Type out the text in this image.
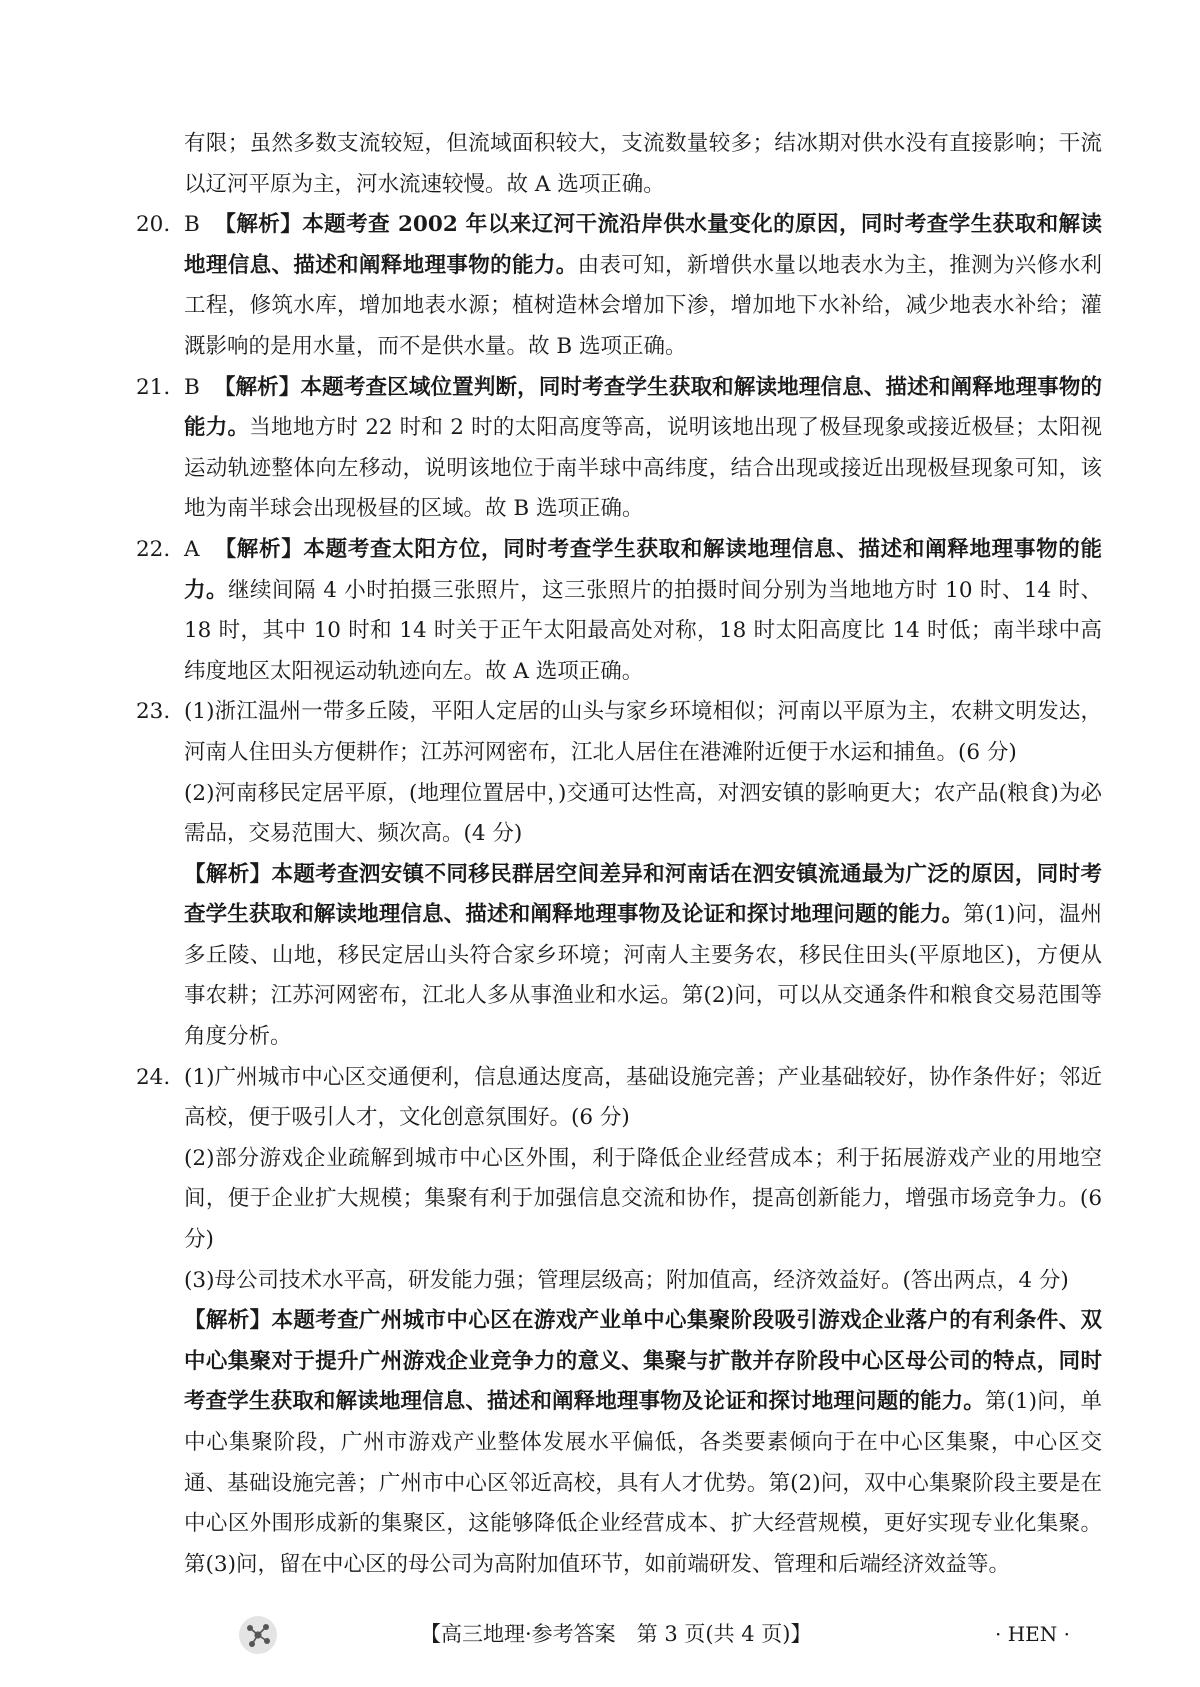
有限；虽然多数支流较短，但流域面积较大，支流数量较多；结冰期对供水没有直接影响；干流以辽河平原为主，河水流速较慢。故 A 选项正确。

20. B 【解析】本题考查 2002 年以来辽河干流沿岸供水量变化的原因，同时考查学生获取和解读地理信息、描述和阐释地理事物的能力。由表可知，新增供水量以地表水为主，推测为兴修水利工程，修筑水库，增加地表水源；植树造林会增加下渗，增加地下水补给，减少地表水补给；灌溉影响的是用水量，而不是供水量。故 B 选项正确。

21. B 【解析】本题考查区域位置判断，同时考查学生获取和解读地理信息、描述和阐释地理事物的能力。当地地方时 22 时和 2 时的太阳高度等高，说明该地出现了极昼现象或接近极昼；太阳视运动轨迹整体向左移动，说明该地位于南半球中高纬度，结合出现或接近出现极昼现象可知，该地为南半球会出现极昼的区域。故 B 选项正确。

22. A 【解析】本题考查太阳方位，同时考查学生获取和解读地理信息、描述和阐释地理事物的能力。继续间隔 4 小时拍摄三张照片，这三张照片的拍摄时间分别为当地地方时 10 时、14 时、18 时，其中 10 时和 14 时关于正午太阳最高处对称，18 时太阳高度比 14 时低；南半球中高纬度地区太阳视运动轨迹向左。故 A 选项正确。

23. (1)浙江温州一带多丘陵，平阳人定居的山头与家乡环境相似；河南以平原为主，农耕文明发达，河南人住田头方便耕作；江苏河网密布，江北人居住在港滩附近便于水运和捕鱼。(6 分)

(2)河南移民定居平原，(地理位置居中，)交通可达性高，对泗安镇的影响更大；农产品(粮食)为必需品，交易范围大、频次高。(4 分)

【解析】本题考查泗安镇不同移民群居空间差异和河南话在泗安镇流通最为广泛的原因，同时考查学生获取和解读地理信息、描述和阐释地理事物及论证和探讨地理问题的能力。第(1)问，温州多丘陵、山地，移民定居山头符合家乡环境；河南人主要务农，移民住田头(平原地区)，方便从事农耕；江苏河网密布，江北人多从事渔业和水运。第(2)问，可以从交通条件和粮食交易范围等角度分析。

24. (1)广州城市中心区交通便利，信息通达度高，基础设施完善；产业基础较好，协作条件好；邻近高校，便于吸引人才，文化创意氛围好。(6 分)

(2)部分游戏企业疏解到城市中心区外围，利于降低企业经营成本；利于拓展游戏产业的用地空间，便于企业扩大规模；集聚有利于加强信息交流和协作，提高创新能力，增强市场竞争力。(6 分)

(3)母公司技术水平高，研发能力强；管理层级高；附加值高，经济效益好。(答出两点，4 分)

【解析】本题考查广州城市中心区在游戏产业单中心集聚阶段吸引游戏企业落户的有利条件、双中心集聚对于提升广州游戏企业竞争力的意义、集聚与扩散并存阶段中心区母公司的特点，同时考查学生获取和解读地理信息、描述和阐释地理事物及论证和探讨地理问题的能力。第(1)问，单中心集聚阶段，广州市游戏产业整体发展水平偏低，各类要素倾向于在中心区集聚，中心区交通、基础设施完善；广州市中心区邻近高校，具有人才优势。第(2)问，双中心集聚阶段主要是在中心区外围形成新的集聚区，这能够降低企业经营成本、扩大经营规模，更好实现专业化集聚。第(3)问，留在中心区的母公司为高附加值环节，如前端研发、管理和后端经济效益等。

【高三地理·参考答案　第 3 页(共 4 页)】	· HEN ·
